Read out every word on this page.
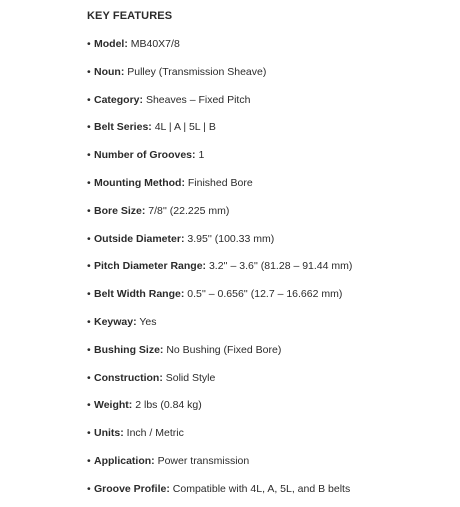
KEY FEATURES
• Model: MB40X7/8
• Noun: Pulley (Transmission Sheave)
• Category: Sheaves – Fixed Pitch
• Belt Series: 4L | A | 5L | B
• Number of Grooves: 1
• Mounting Method: Finished Bore
• Bore Size: 7/8'' (22.225 mm)
• Outside Diameter: 3.95'' (100.33 mm)
• Pitch Diameter Range: 3.2'' – 3.6'' (81.28 – 91.44 mm)
• Belt Width Range: 0.5'' – 0.656'' (12.7 – 16.662 mm)
• Keyway: Yes
• Bushing Size: No Bushing (Fixed Bore)
• Construction: Solid Style
• Weight: 2 lbs (0.84 kg)
• Units: Inch / Metric
• Application: Power transmission
• Groove Profile: Compatible with 4L, A, 5L, and B belts
